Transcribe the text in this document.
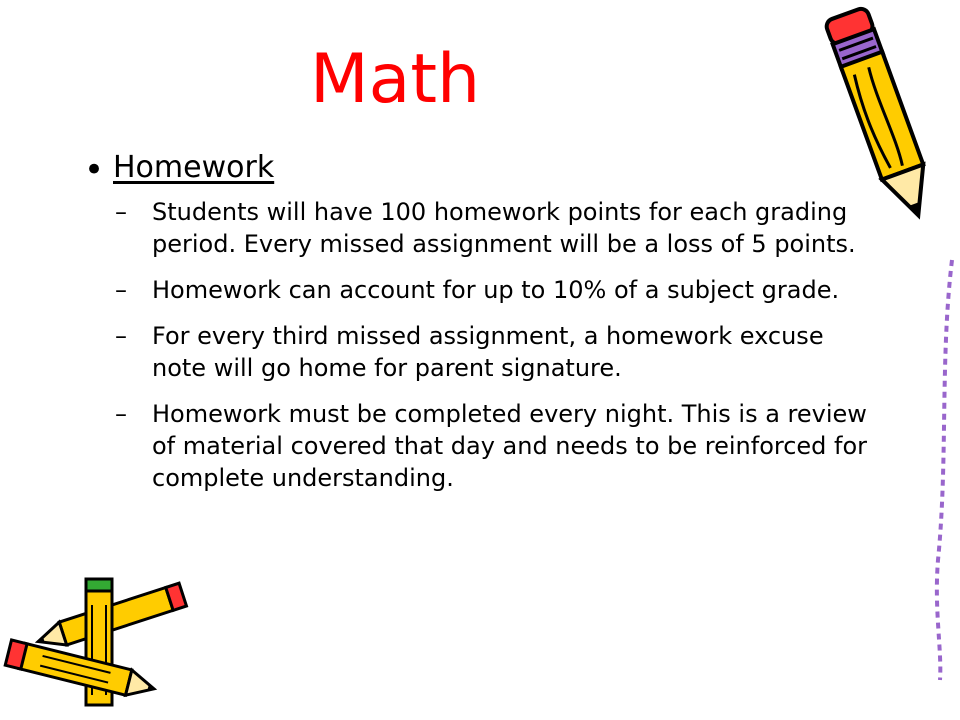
Math
• Homework
– Students will have 100 homework points for each grading period. Every missed assignment will be a loss of 5 points.
– Homework can account for up to 10% of a subject grade.
– For every third missed assignment, a homework excuse note will go home for parent signature.
– Homework must be completed every night. This is a review of material covered that day and needs to be reinforced for complete understanding.
